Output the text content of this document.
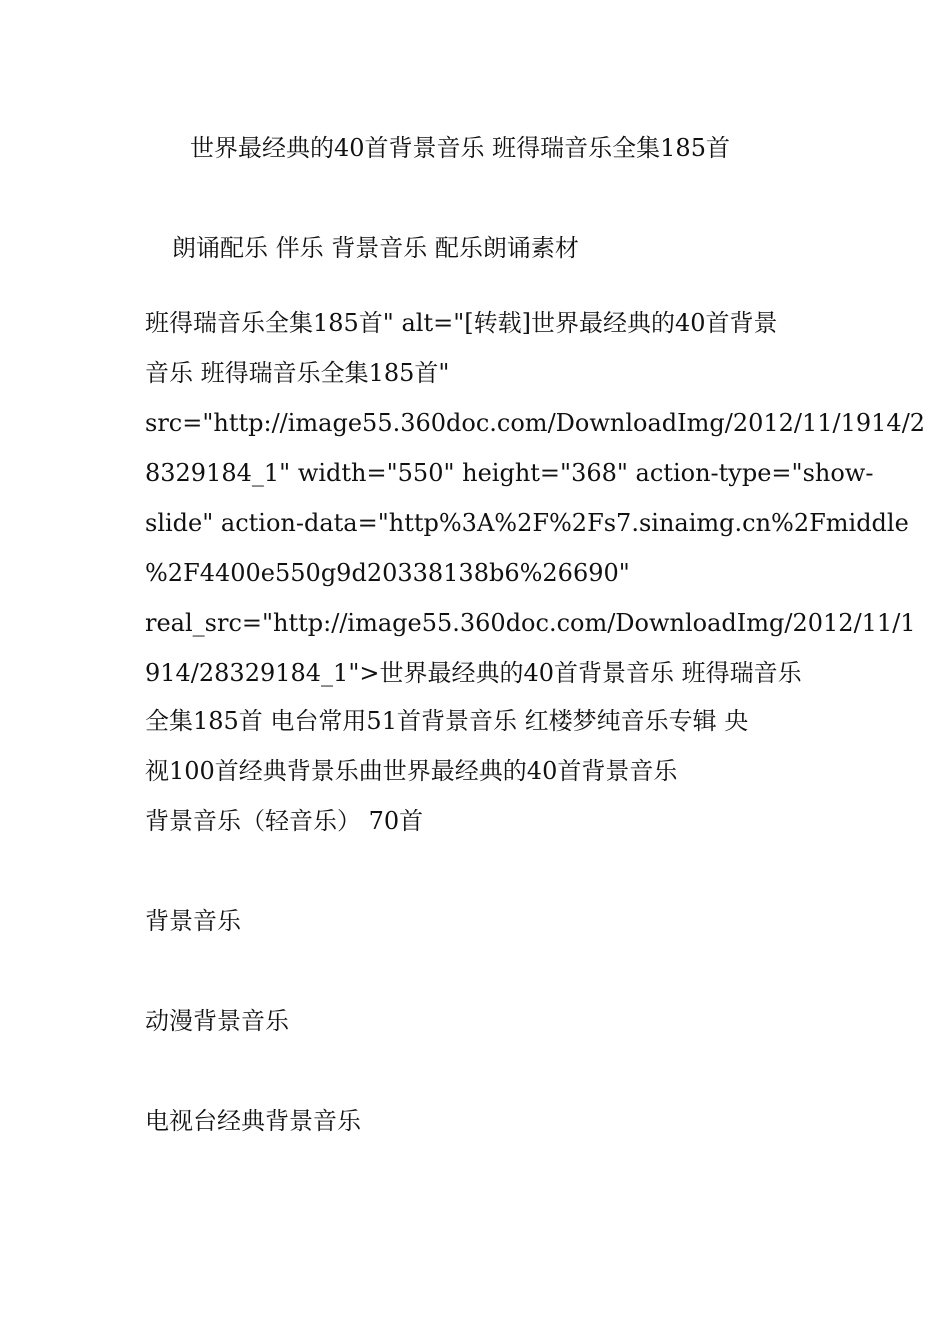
世界最经典的40首背景音乐 班得瑞音乐全集185首
朗诵配乐 伴乐 背景音乐 配乐朗诵素材
班得瑞音乐全集185首" alt="[转载]世界最经典的40首背景
音乐 班得瑞音乐全集185首"
src="http://image55.360doc.com/DownloadImg/2012/11/1914/2
8329184_1" width="550" height="368" action-type="show-
slide" action-data="http%3A%2F%2Fs7.sinaimg.cn%2Fmiddle
%2F4400e550g9d20338138b6%26690"
real_src="http://image55.360doc.com/DownloadImg/2012/11/1
914/28329184_1">世界最经典的40首背景音乐 班得瑞音乐
全集185首 电台常用51首背景音乐 红楼梦纯音乐专辑 央
视100首经典背景乐曲世界最经典的40首背景音乐
背景音乐（轻音乐） 70首
背景音乐
动漫背景音乐
电视台经典背景音乐
